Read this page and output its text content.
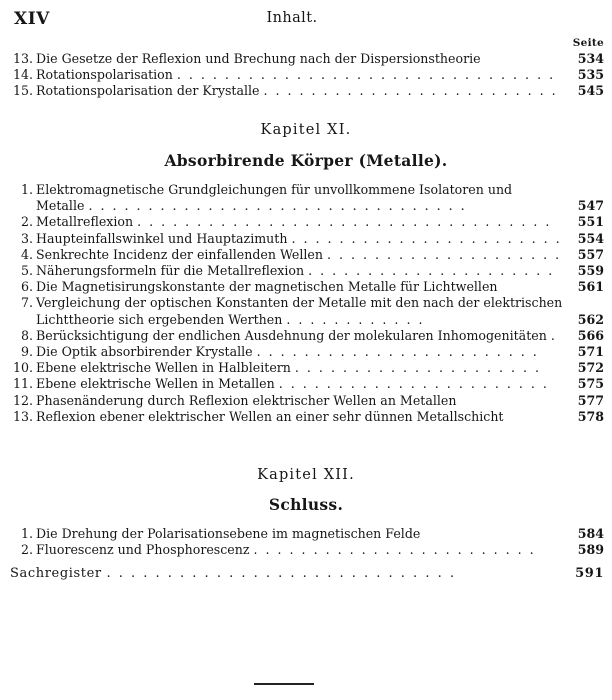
XIV	Inhalt.
Seite
13. Die Gesetze der Reflexion und Brechung nach der Dispersionstheorie	534
14. Rotationspolarisation . . . . . . . . . . . . . . . . . . . . . . . . . . . . . . . .	535
15. Rotationspolarisation der Krystalle . . . . . . . . . . . . . . . . . . . . . . . . .	545
Kapitel XI.
Absorbirende Körper (Metalle).
1. Elektromagnetische Grundgleichungen für unvollkommene Isolatoren und Metalle . . . . . . . . . . . . . . . . . . . . . . . . . . . . . . . .	547
2. Metallreflexion . . . . . . . . . . . . . . . . . . . . . . . . . . . . . . . . . . .	551
3. Haupteinfallswinkel und Hauptazimuth . . . . . . . . . . . . . . . . . . . . . . .	554
4. Senkrechte Incidenz der einfallenden Wellen . . . . . . . . . . . . . . . . . . . .	557
5. Näherungsformeln für die Metallreflexion . . . . . . . . . . . . . . . . . . . . .	559
6. Die Magnetisirungskonstante der magnetischen Metalle für Lichtwellen	561
7. Vergleichung der optischen Konstanten der Metalle mit den nach der elektrischen Lichttheorie sich ergebenden Werthen . . . . . . . . . . . .	562
8. Berücksichtigung der endlichen Ausdehnung der molekularen Inhomogenitäten .	566
9. Die Optik absorbirender Krystalle . . . . . . . . . . . . . . . . . . . . . . . .	571
10. Ebene elektrische Wellen in Halbleitern . . . . . . . . . . . . . . . . . . . . .	572
11. Ebene elektrische Wellen in Metallen . . . . . . . . . . . . . . . . . . . . . . .	575
12. Phasenänderung durch Reflexion elektrischer Wellen an Metallen	577
13. Reflexion ebener elektrischer Wellen an einer sehr dünnen Metallschicht	578
Kapitel XII.
Schluss.
1. Die Drehung der Polarisationsebene im magnetischen Felde	584
2. Fluorescenz und Phosphorescenz . . . . . . . . . . . . . . . . . . . . . . . .	589
Sachregister . . . . . . . . . . . . . . . . . . . . . . . . . . . . .	591
